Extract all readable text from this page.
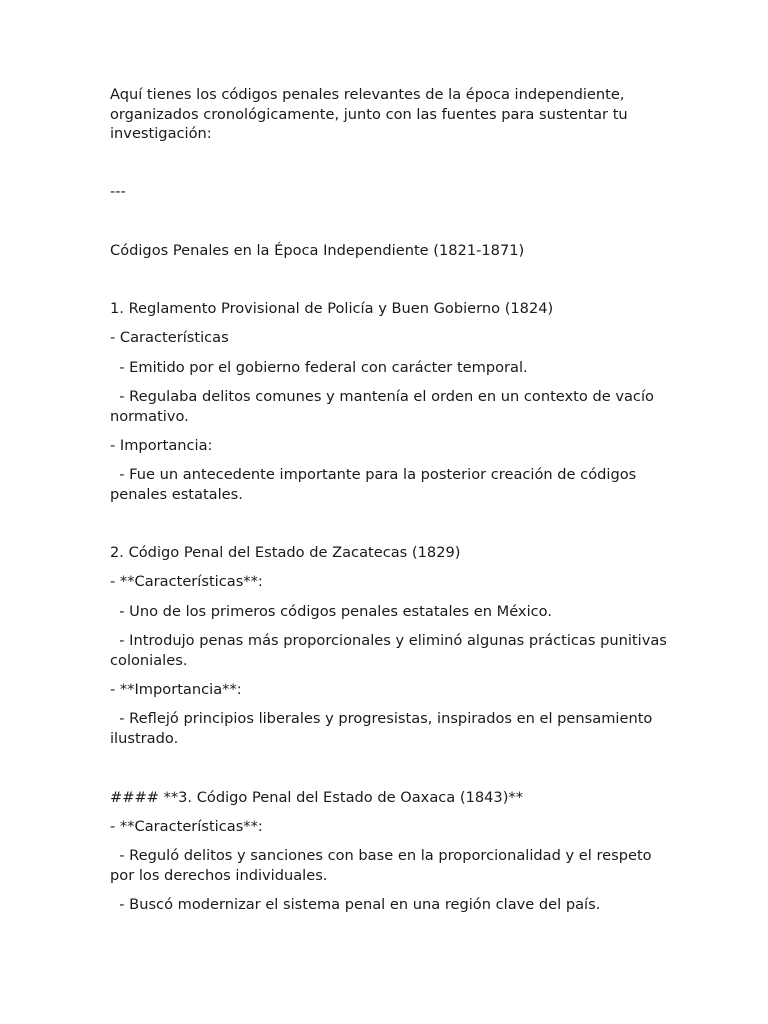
Aquí tienes los códigos penales relevantes de la época independiente, organizados cronológicamente, junto con las fuentes para sustentar tu investigación:
---
Códigos Penales en la Época Independiente (1821-1871)
1. Reglamento Provisional de Policía y Buen Gobierno (1824)
- Características
- Emitido por el gobierno federal con carácter temporal.
- Regulaba delitos comunes y mantenía el orden en un contexto de vacío normativo.
- Importancia:
- Fue un antecedente importante para la posterior creación de códigos penales estatales.
2. Código Penal del Estado de Zacatecas (1829)
- **Características**:
- Uno de los primeros códigos penales estatales en México.
- Introdujo penas más proporcionales y eliminó algunas prácticas punitivas coloniales.
- **Importancia**:
- Reflejó principios liberales y progresistas, inspirados en el pensamiento ilustrado.
#### **3. Código Penal del Estado de Oaxaca (1843)**
- **Características**:
- Reguló delitos y sanciones con base en la proporcionalidad y el respeto por los derechos individuales.
- Buscó modernizar el sistema penal en una región clave del país.
